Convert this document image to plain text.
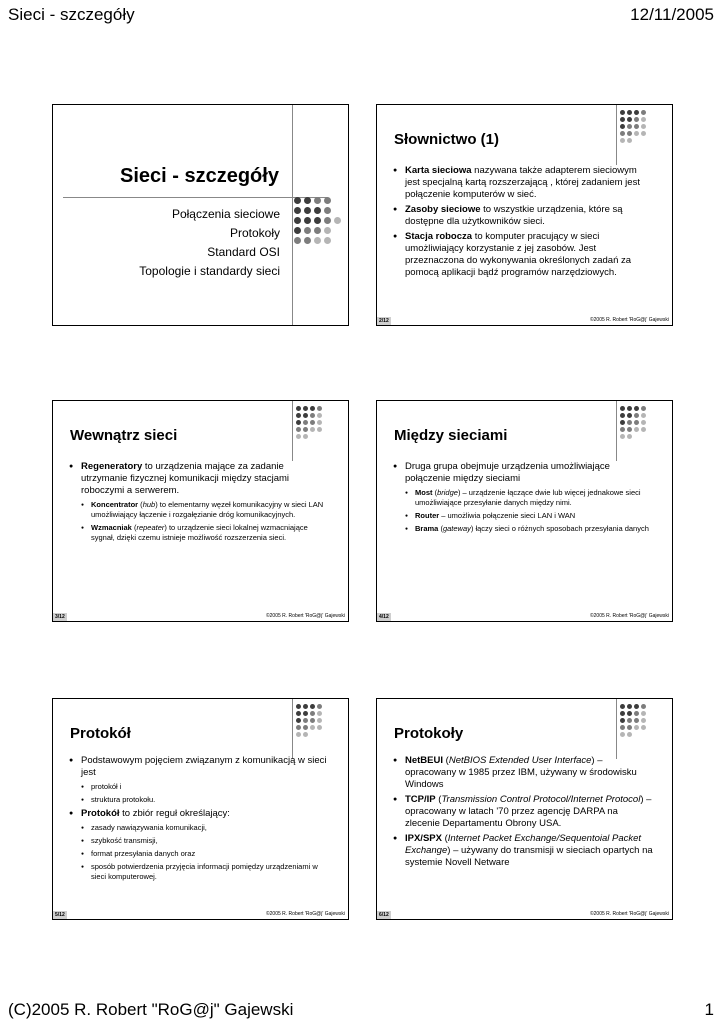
Sieci - szczegóły	12/11/2005
(C)2005 R. Robert "RoG@j" Gajewski	1
Sieci - szczegóły
Połączenia sieciowe
Protokoły
Standard OSI
Topologie i standardy sieci
Słownictwo (1)
● Karta sieciowa nazywana także adapterem sieciowym jest specjalną kartą rozszerzającą , której zadaniem jest połączenie komputerów w sieć.
● Zasoby sieciowe to wszystkie urządzenia, które są dostępne dla użytkowników sieci.
● Stacja robocza to komputer pracujący w sieci umożliwiający korzystanie z jej zasobów. Jest przeznaczona do wykonywania określonych zadań za pomocą aplikacji bądź programów narzędziowych.
2/12	©2005 R. Robert 'RoG@j' Gajewski
Wewnątrz sieci
● Regeneratory to urządzenia mające za zadanie utrzymanie fizycznej komunikacji między stacjami roboczymi a serwerem.
● Koncentrator (hub) to elementarny węzeł komunikacyjny w sieci LAN umożliwiający łączenie i rozgałęzianie dróg komunikacyjnych.
● Wzmacniak (repeater) to urządzenie sieci lokalnej wzmacniające sygnał, dzięki czemu istnieje możliwość rozszerzenia sieci.
3/12	©2005 R. Robert 'RoG@j' Gajewski
Między sieciami
● Druga grupa obejmuje urządzenia umożliwiające połączenie między sieciami
● Most (bridge) – urządzenie łączące dwie lub więcej jednakowe sieci umożliwiające przesyłanie danych między nimi.
● Router – umożliwia połączenie sieci LAN i WAN
● Brama (gateway) łączy sieci o różnych sposobach przesyłania danych
4/12	©2005 R. Robert 'RoG@j' Gajewski
Protokół
● Podstawowym pojęciem związanym z komunikacją w sieci jest
● protokół i
● struktura protokołu.
● Protokół to zbiór reguł określający:
● zasady nawiązywania komunikacji,
● szybkość transmisji,
● format przesyłania danych oraz
● sposób potwierdzenia przyjęcia informacji pomiędzy urządzeniami w sieci komputerowej.
5/12	©2005 R. Robert 'RoG@j' Gajewski
Protokoły
● NetBEUI (NetBIOS Extended User Interface) – opracowany w 1985 przez IBM, używany w środowisku Windows
● TCP/IP (Transmission Control Protocol/Internet Protocol) – opracowany w latach '70 przez agencję DARPA na zlecenie Departamentu Obrony USA.
● IPX/SPX (Internet Packet Exchange/Sequentoial Packet Exchange) – używany do transmisji w sieciach opartych na systemie Novell Netware
6/12	©2005 R. Robert 'RoG@j' Gajewski
